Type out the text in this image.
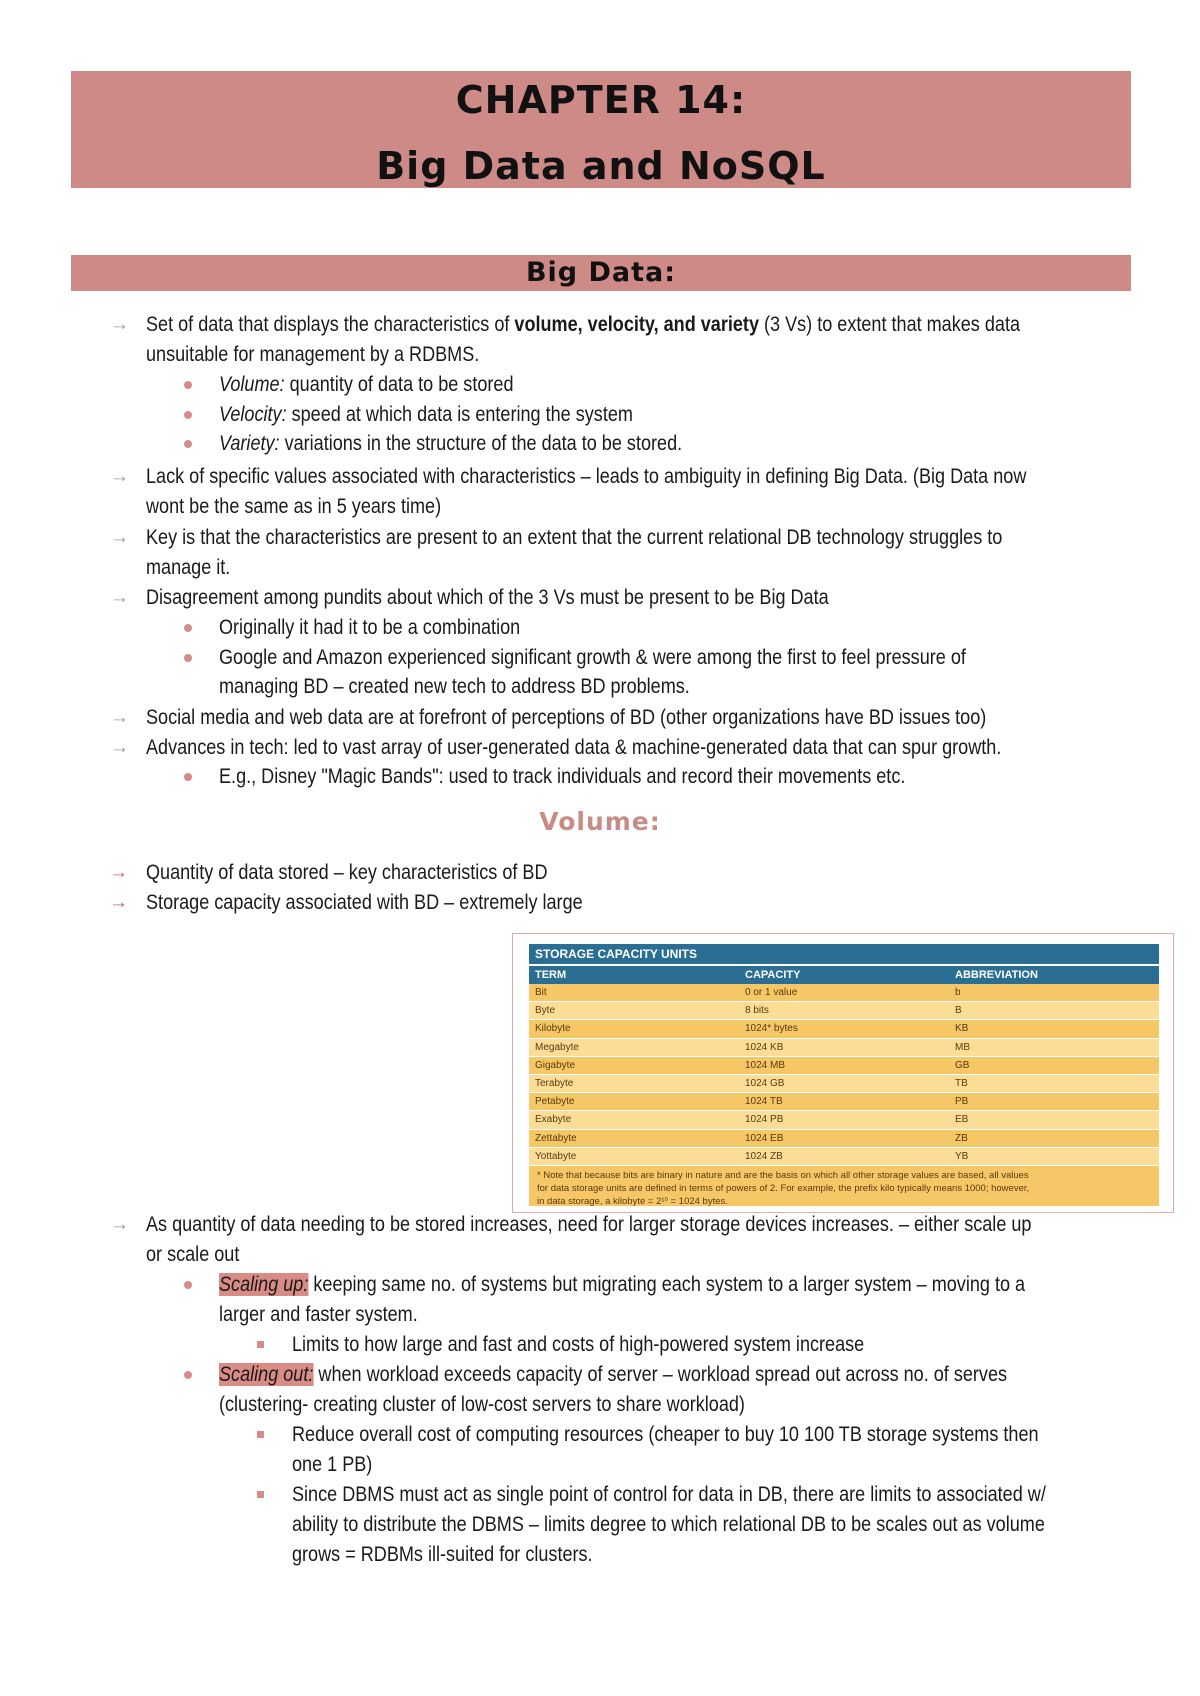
CHAPTER 14:
Big Data and NoSQL
Big Data:
→ Set of data that displays the characteristics of volume, velocity, and variety (3 Vs) to extent that makes data
unsuitable for management by a RDBMS.
Volume: quantity of data to be stored
Velocity: speed at which data is entering the system
Variety: variations in the structure of the data to be stored.
→ Lack of specific values associated with characteristics – leads to ambiguity in defining Big Data. (Big Data now
wont be the same as in 5 years time)
→ Key is that the characteristics are present to an extent that the current relational DB technology struggles to
manage it.
→ Disagreement among pundits about which of the 3 Vs must be present to be Big Data
Originally it had it to be a combination
Google and Amazon experienced significant growth & were among the first to feel pressure of
managing BD – created new tech to address BD problems.
→ Social media and web data are at forefront of perceptions of BD (other organizations have BD issues too)
→ Advances in tech: led to vast array of user-generated data & machine-generated data that can spur growth.
E.g., Disney "Magic Bands": used to track individuals and record their movements etc.
Volume:
→ Quantity of data stored – key characteristics of BD
→ Storage capacity associated with BD – extremely large
→ As quantity of data needing to be stored increases, need for larger storage devices increases. – either scale up
or scale out
Scaling up: keeping same no. of systems but migrating each system to a larger system – moving to a
larger and faster system.
Limits to how large and fast and costs of high-powered system increase
Scaling out: when workload exceeds capacity of server – workload spread out across no. of serves
(clustering- creating cluster of low-cost servers to share workload)
Reduce overall cost of computing resources (cheaper to buy 10 100 TB storage systems then
one 1 PB)
Since DBMS must act as single point of control for data in DB, there are limits to associated w/
ability to distribute the DBMS – limits degree to which relational DB to be scales out as volume
grows = RDBMs ill-suited for clusters.
STORAGE CAPACITY UNITS
TERM	CAPACITY	ABBREVIATION
Bit	0 or 1 value	b
Byte	8 bits	B
Kilobyte	1024* bytes	KB
Megabyte	1024 KB	MB
Gigabyte	1024 MB	GB
Terabyte	1024 GB	TB
Petabyte	1024 TB	PB
Exabyte	1024 PB	EB
Zettabyte	1024 EB	ZB
Yottabyte	1024 ZB	YB
* Note that because bits are binary in nature and are the basis on which all other storage values are based, all values
for data storage units are defined in terms of powers of 2. For example, the prefix kilo typically means 1000; however,
in data storage, a kilobyte = 2¹⁰ = 1024 bytes.
